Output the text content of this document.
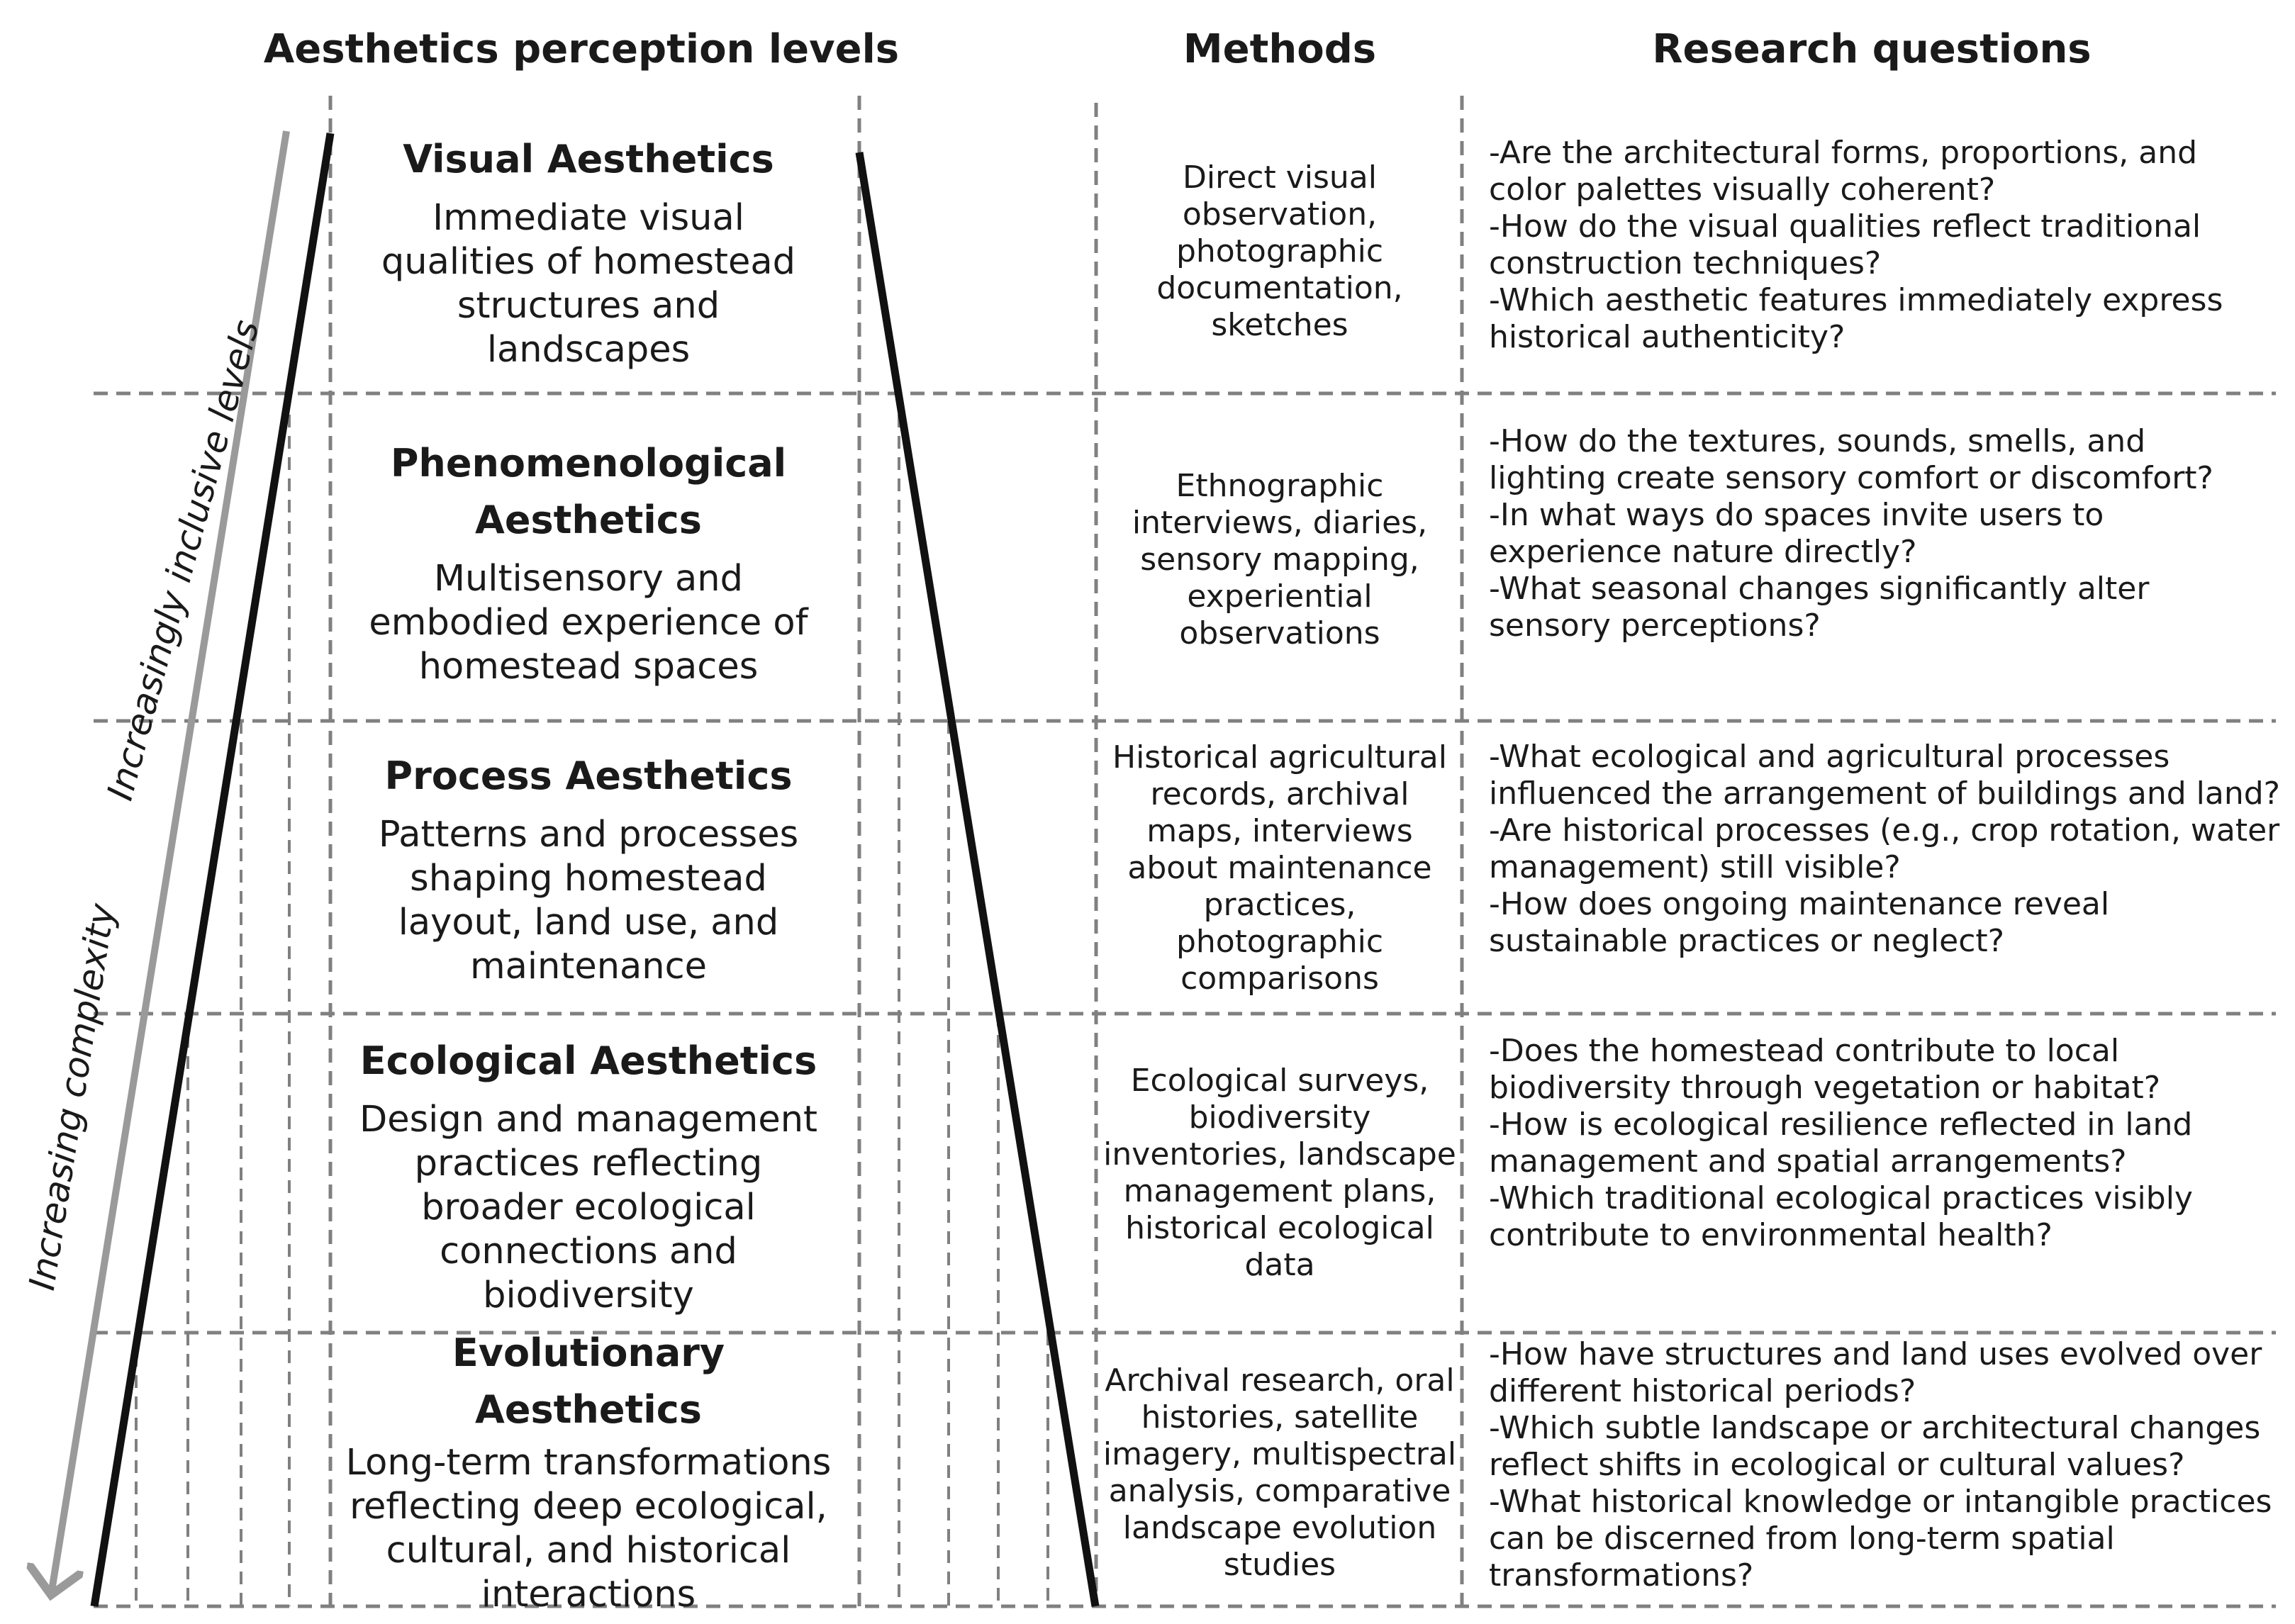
Aesthetics perception levels	Methods	Research questions
Increasingly inclusive levels
Increasing complexity
Visual Aesthetics
Immediate visual qualities of homestead structures and landscapes
Direct visual observation, photographic documentation, sketches
-Are the architectural forms, proportions, and
color palettes visually coherent?
-How do the visual qualities reflect traditional
construction techniques?
-Which aesthetic features immediately express
historical authenticity?
Phenomenological Aesthetics
Multisensory and embodied experience of homestead spaces
Ethnographic interviews, diaries, sensory mapping, experiential observations
-How do the textures, sounds, smells, and
lighting create sensory comfort or discomfort?
-In what ways do spaces invite users to
experience nature directly?
-What seasonal changes significantly alter
sensory perceptions?
Process Aesthetics
Patterns and processes shaping homestead layout, land use, and maintenance
Historical agricultural records, archival maps, interviews about maintenance practices, photographic comparisons
-What ecological and agricultural processes
influenced the arrangement of buildings and land?
-Are historical processes (e.g., crop rotation, water
management) still visible?
-How does ongoing maintenance reveal
sustainable practices or neglect?
Ecological Aesthetics
Design and management practices reflecting broader ecological connections and biodiversity
Ecological surveys, biodiversity inventories, landscape management plans, historical ecological data
-Does the homestead contribute to local
biodiversity through vegetation or habitat?
-How is ecological resilience reflected in land
management and spatial arrangements?
-Which traditional ecological practices visibly
contribute to environmental health?
Evolutionary Aesthetics
Long-term transformations reflecting deep ecological, cultural, and historical interactions
Archival research, oral histories, satellite imagery, multispectral analysis, comparative landscape evolution studies
-How have structures and land uses evolved over
different historical periods?
-Which subtle landscape or architectural changes
reflect shifts in ecological or cultural values?
-What historical knowledge or intangible practices
can be discerned from long-term spatial
transformations?
